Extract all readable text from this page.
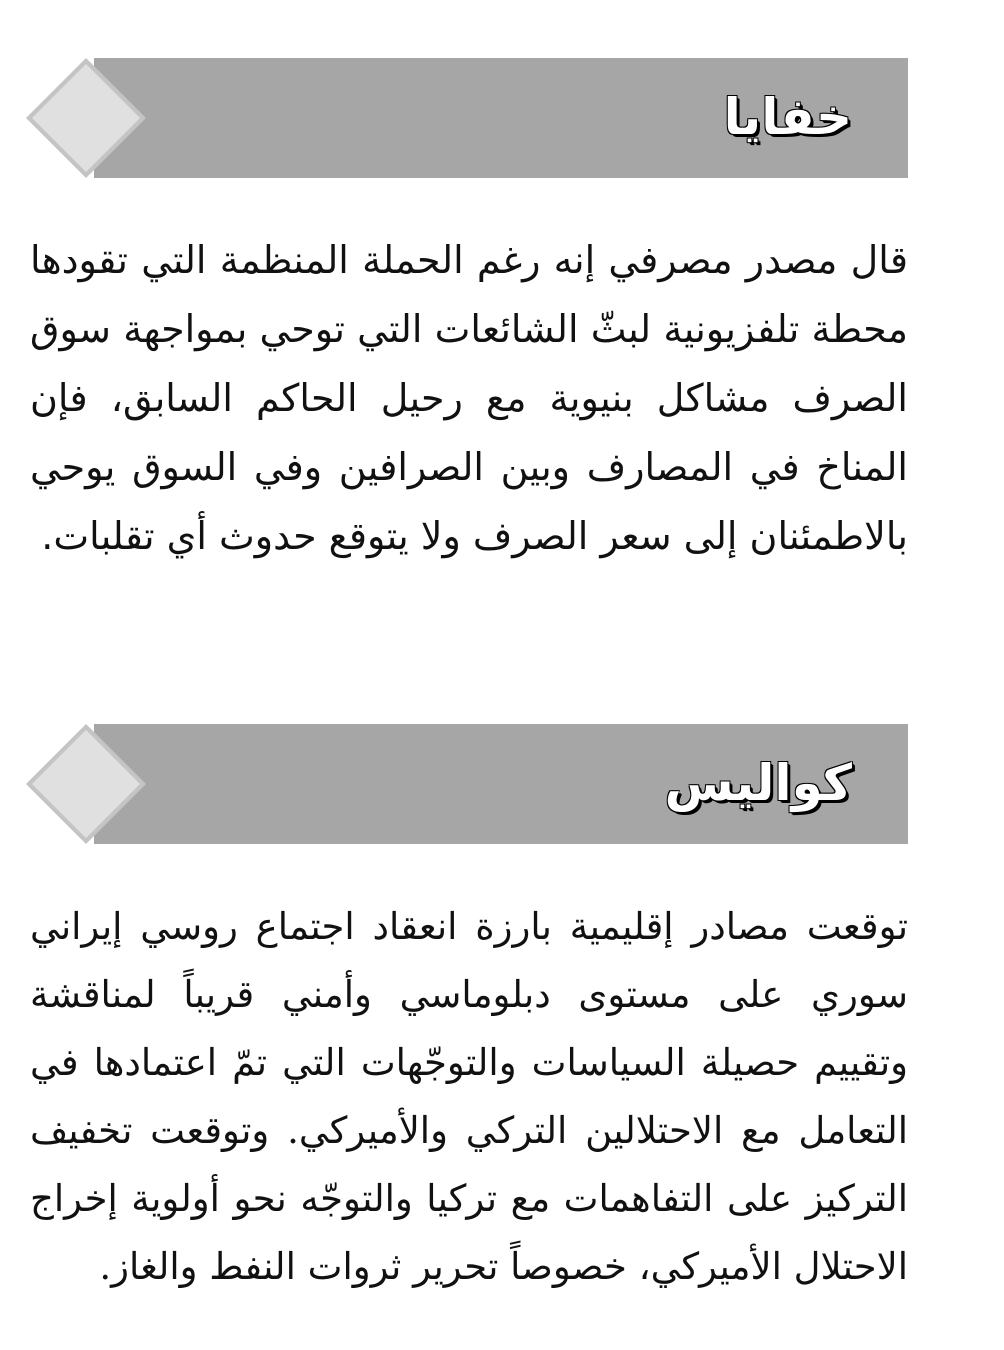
خفايا

قال مصدر مصرفي إنه رغم الحملة المنظمة التي تقودها محطة تلفزيونية لبثّ الشائعات التي توحي بمواجهة سوق الصرف مشاكل بنيوية مع رحيل الحاكم السابق، فإن المناخ في المصارف وبين الصرافين وفي السوق يوحي بالاطمئنان إلى سعر الصرف ولا يتوقع حدوث أي تقلبات.

كواليس

توقعت مصادر إقليمية بارزة انعقاد اجتماع روسي إيراني سوري على مستوى دبلوماسي وأمني قريباً لمناقشة وتقييم حصيلة السياسات والتوجّهات التي تمّ اعتمادها في التعامل مع الاحتلالين التركي والأميركي. وتوقعت تخفيف التركيز على التفاهمات مع تركيا والتوجّه نحو أولوية إخراج الاحتلال الأميركي، خصوصاً تحرير ثروات النفط والغاز.
